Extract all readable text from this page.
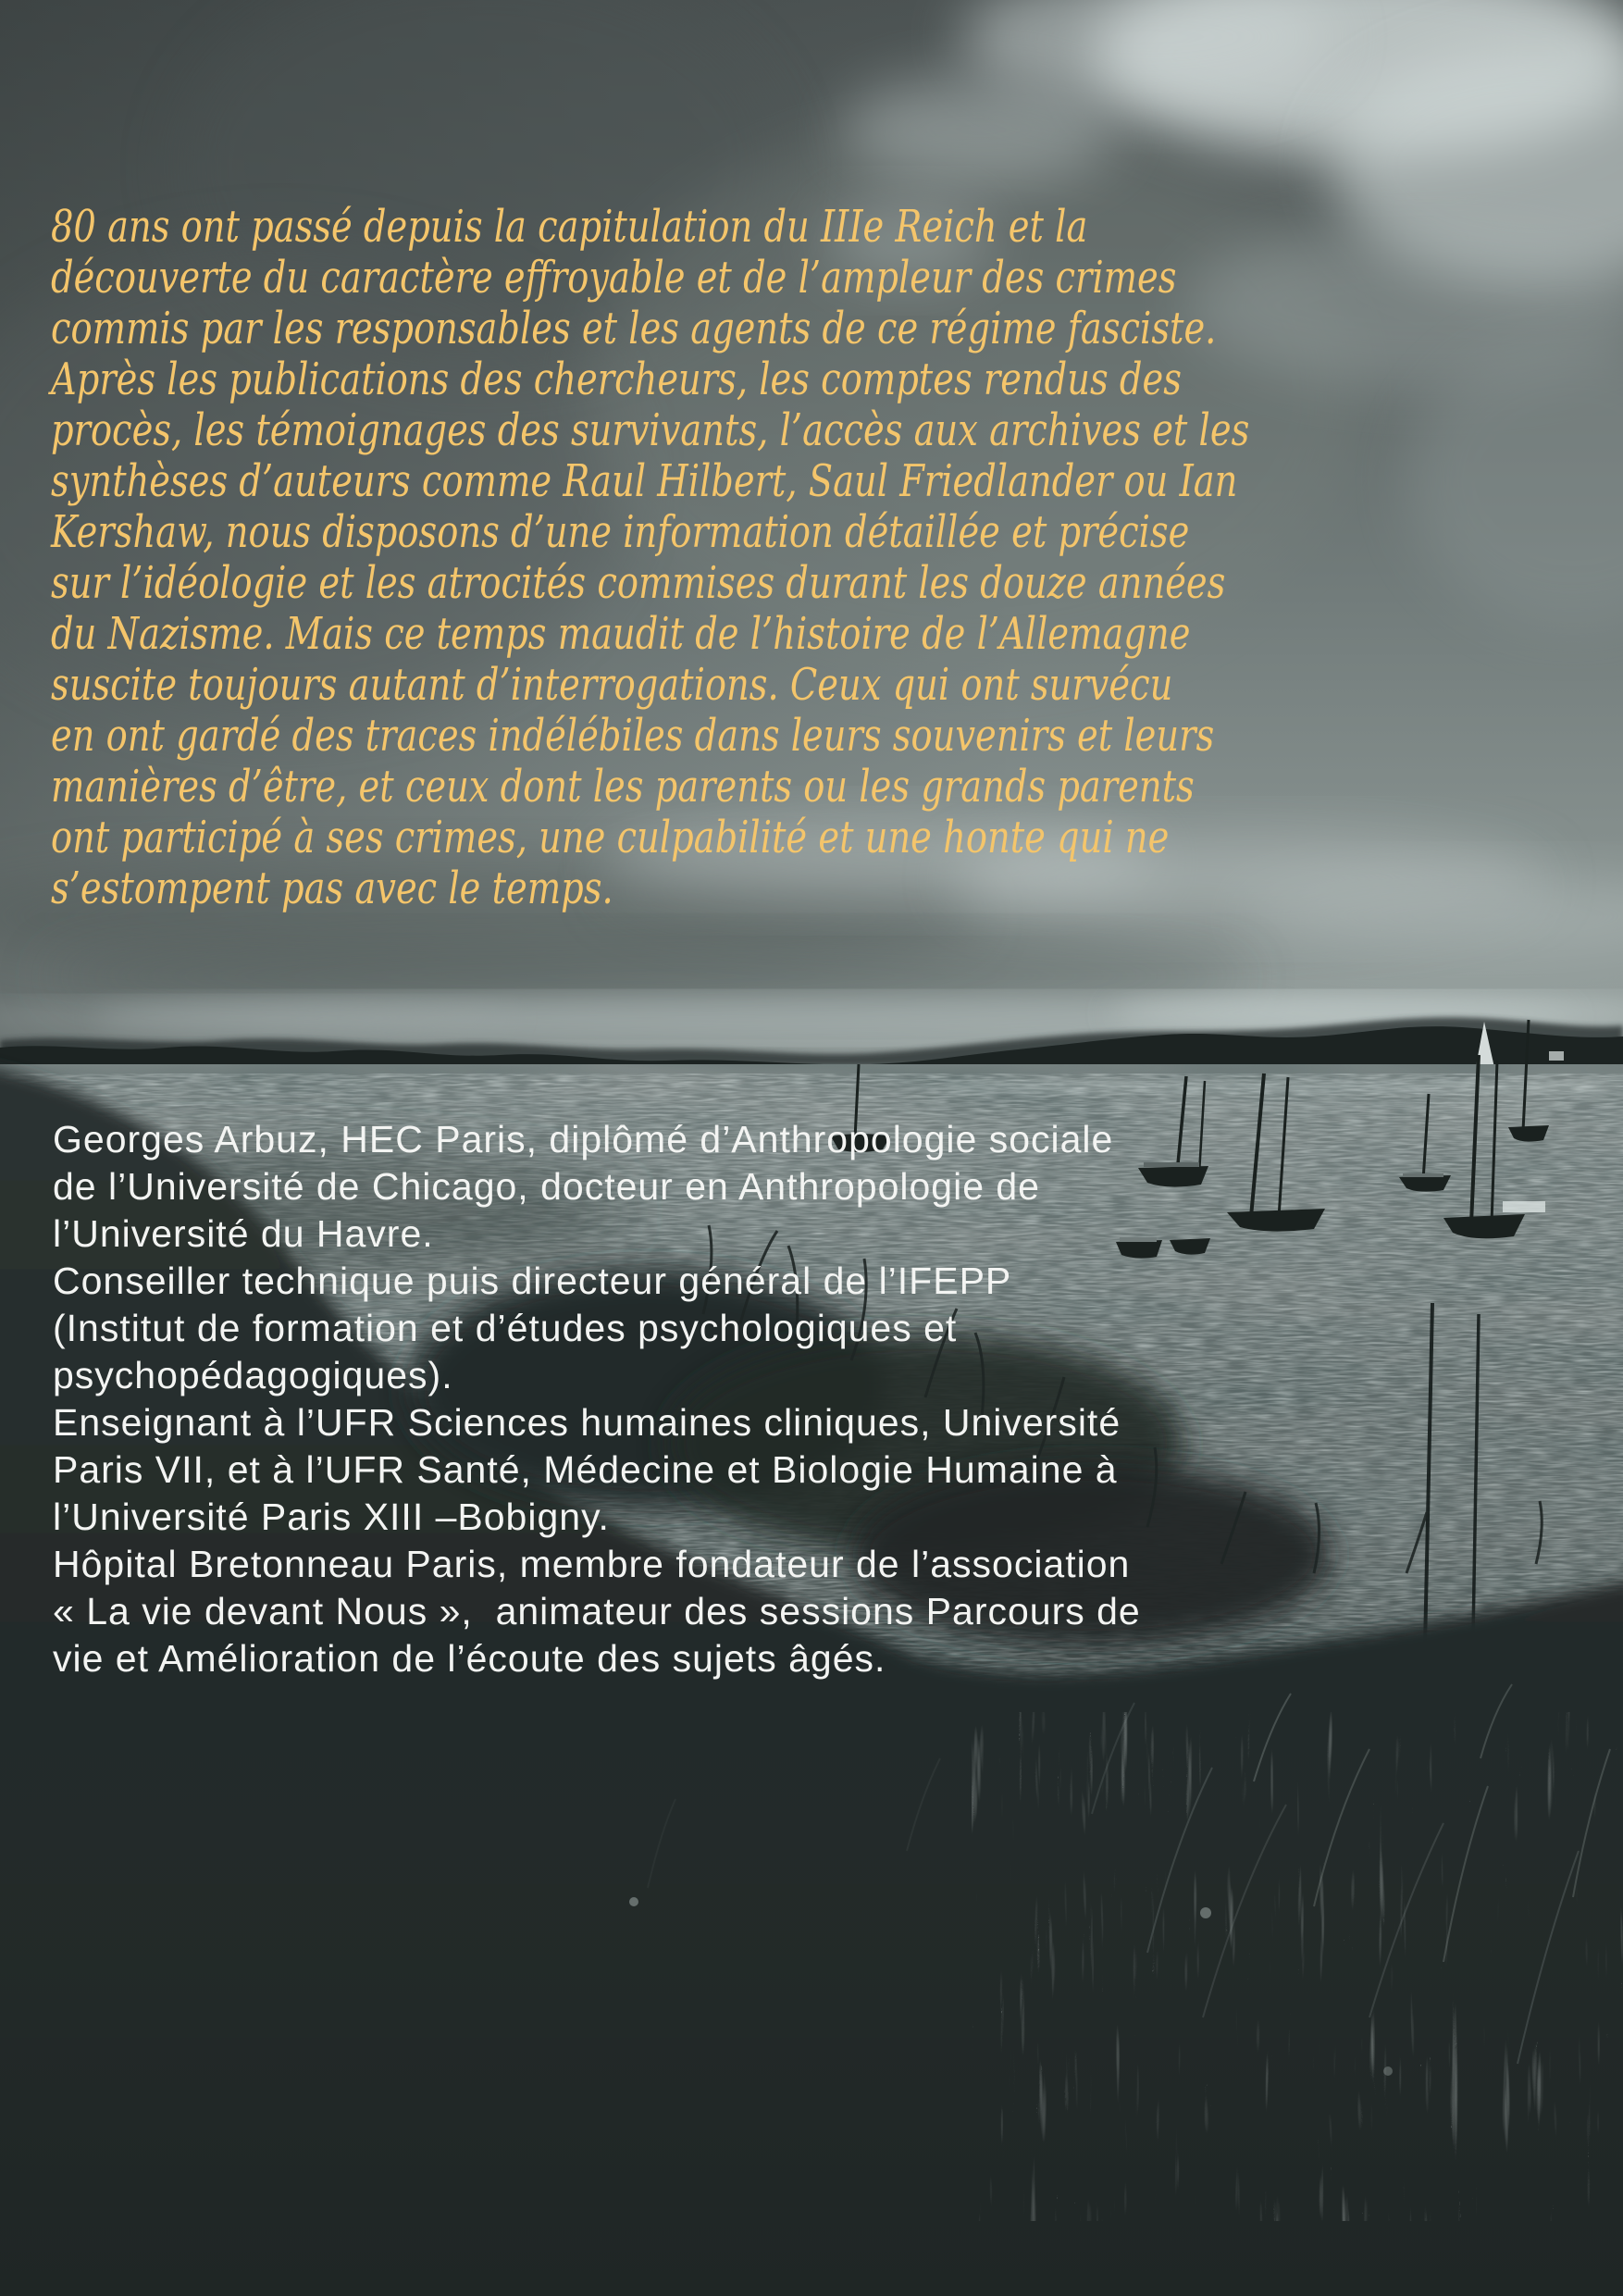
80 ans ont passé depuis la capitulation du IIIe Reich et la
découverte du caractère effroyable et de l’ampleur des crimes
commis par les responsables et les agents de ce régime fasciste.
Après les publications des chercheurs, les comptes rendus des
procès, les témoignages des survivants, l’accès aux archives et les
synthèses d’auteurs comme Raul Hilbert, Saul Friedlander ou Ian
Kershaw, nous disposons d’une information détaillée et précise
sur l’idéologie et les atrocités commises durant les douze années
du Nazisme. Mais ce temps maudit de l’histoire de l’Allemagne
suscite toujours autant d’interrogations. Ceux qui ont survécu
en ont gardé des traces indélébiles dans leurs souvenirs et leurs
manières d’être, et ceux dont les parents ou les grands parents
ont participé à ses crimes, une culpabilité et une honte qui ne
s’estompent pas avec le temps.
Georges Arbuz, HEC Paris, diplômé d’Anthropologie sociale
de l’Université de Chicago, docteur en Anthropologie de
l’Université du Havre.
Conseiller technique puis directeur général de l’IFEPP
(Institut de formation et d’études psychologiques et
psychopédagogiques).
Enseignant à l’UFR Sciences humaines cliniques, Université
Paris VII, et à l’UFR Santé, Médecine et Biologie Humaine à
l’Université Paris XIII –Bobigny.
Hôpital Bretonneau Paris, membre fondateur de l’association
« La vie devant Nous »,  animateur des sessions Parcours de
vie et Amélioration de l’écoute des sujets âgés.
